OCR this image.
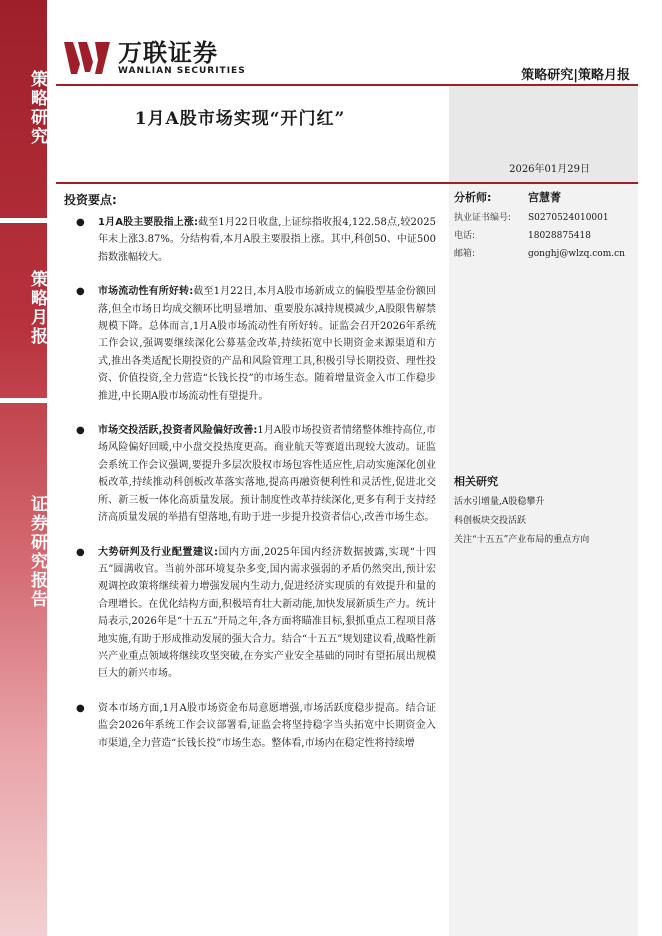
策略研究
策略月报
证券研究报告
万联证券
WANLIAN SECURITIES	策略研究|策略月报
1月A股市场实现“开门红”
2026年01月29日
投资要点:
● 1月A股主要股指上涨:截至1月22日收盘,上证综指收报4,122.58点,较2025年末上涨3.87%。分结构看,本月A股主要股指上涨。其中,科创50、中证500指数涨幅较大。
● 市场流动性有所好转:截至1月22日,本月A股市场新成立的偏股型基金份额回落,但全市场日均成交额环比明显增加、重要股东减持规模减少,A股限售解禁规模下降。总体而言,1月A股市场流动性有所好转。证监会召开2026年系统工作会议,强调要继续深化公募基金改革,持续拓宽中长期资金来源渠道和方式,推出各类适配长期投资的产品和风险管理工具,积极引导长期投资、理性投资、价值投资,全力营造“长钱长投”的市场生态。随着增量资金入市工作稳步推进,中长期A股市场流动性有望提升。
● 市场交投活跃,投资者风险偏好改善:1月A股市场投资者情绪整体维持高位,市场风险偏好回暖,中小盘交投热度更高。商业航天等赛道出现较大波动。证监会系统工作会议强调,要提升多层次股权市场包容性适应性,启动实施深化创业板改革,持续推动科创板改革落实落地,提高再融资便利性和灵活性,促进北交所、新三板一体化高质量发展。预计制度性改革持续深化,更多有利于支持经济高质量发展的举措有望落地,有助于进一步提升投资者信心,改善市场生态。
● 大势研判及行业配置建议:国内方面,2025年国内经济数据披露,实现“十四五”圆满收官。当前外部环境复杂多变,国内需求强弱的矛盾仍然突出,预计宏观调控政策将继续着力增强发展内生动力,促进经济实现质的有效提升和量的合理增长。在优化结构方面,积极培育壮大新动能,加快发展新质生产力。统计局表示,2026年是“十五五”开局之年,各方面将瞄准目标,狠抓重点工程项目落地实施,有助于形成推动发展的强大合力。结合“十五五”规划建议看,战略性新兴产业重点领域将继续攻坚突破,在夯实产业安全基础的同时有望拓展出规模巨大的新兴市场。
● 资本市场方面,1月A股市场资金布局意愿增强,市场活跃度稳步提高。结合证监会2026年系统工作会议部署看,证监会将坚持稳字当头拓宽中长期资金入市渠道,全力营造“长钱长投”市场生态。整体看,市场内在稳定性将持续增
分析师:	宫慧菁
执业证书编号:	S0270524010001
电话:	18028875418
邮箱:	gonghj@wlzq.com.cn
相关研究
活水引增量,A股稳攀升
科创板块交投活跃
关注“十五五”产业布局的重点方向
